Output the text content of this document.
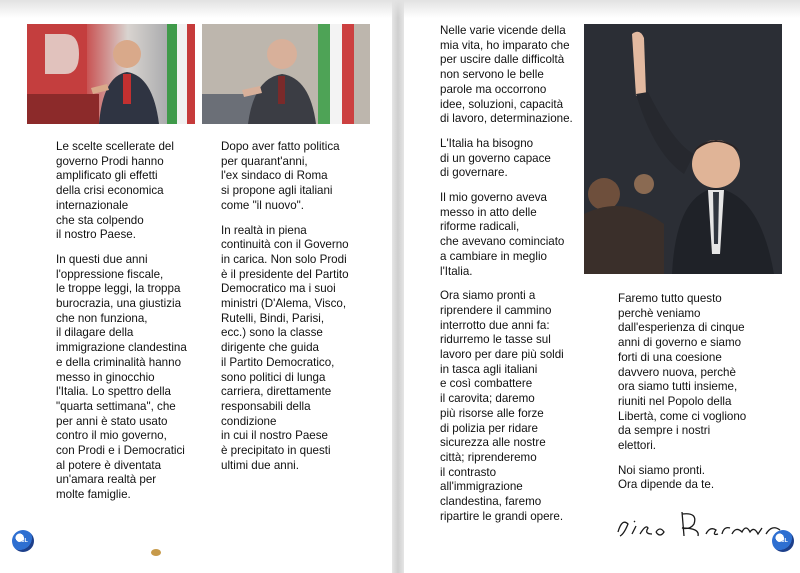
Le scelte scellerate del
governo Prodi hanno
amplificato gli effetti
della crisi economica
internazionale
che sta colpendo
il nostro Paese.

In questi due anni
l'oppressione fiscale,
le troppe leggi, la troppa
burocrazia, una giustizia
che non funziona,
il dilagare della
immigrazione clandestina
e della criminalità hanno
messo in ginocchio
l'Italia. Lo spettro della
"quarta settimana", che
per anni è stato usato
contro il mio governo,
con Prodi e i Democratici
al potere è diventata
un'amara realtà per
molte famiglie.

Dopo aver fatto politica
per quarant'anni,
l'ex sindaco di Roma
si propone agli italiani
come "il nuovo".

In realtà in piena
continuità con il Governo
in carica. Non solo Prodi
è il presidente del Partito
Democratico ma i suoi
ministri (D'Alema, Visco,
Rutelli, Bindi, Parisi,
ecc.) sono la classe
dirigente che guida
il Partito Democratico,
sono politici di lunga
carriera, direttamente
responsabili della
condizione
in cui il nostro Paese
è precipitato in questi
ultimi due anni.

PdL

Nelle varie vicende della
mia vita, ho imparato che
per uscire dalle difficoltà
non servono le belle
parole ma occorrono
idee, soluzioni, capacità
di lavoro, determinazione.

L'Italia ha bisogno
di un governo capace
di governare.

Il mio governo aveva
messo in atto delle
riforme radicali,
che avevano cominciato
a cambiare in meglio
l'Italia.

Ora siamo pronti a
riprendere il cammino
interrotto due anni fa:
ridurremo le tasse sul
lavoro per dare più soldi
in tasca agli italiani
e così combattere
il carovita; daremo
più risorse alle forze
di polizia per ridare
sicurezza alle nostre
città; riprenderemo
il contrasto
all'immigrazione
clandestina, faremo
ripartire le grandi opere.

Faremo tutto questo
perchè veniamo
dall'esperienza di cinque
anni di governo e siamo
forti di una coesione
davvero nuova, perchè
ora siamo tutti insieme,
riuniti nel Popolo della
Libertà, come ci vogliono
da sempre i nostri
elettori.

Noi siamo pronti.
Ora dipende da te.

PdL
